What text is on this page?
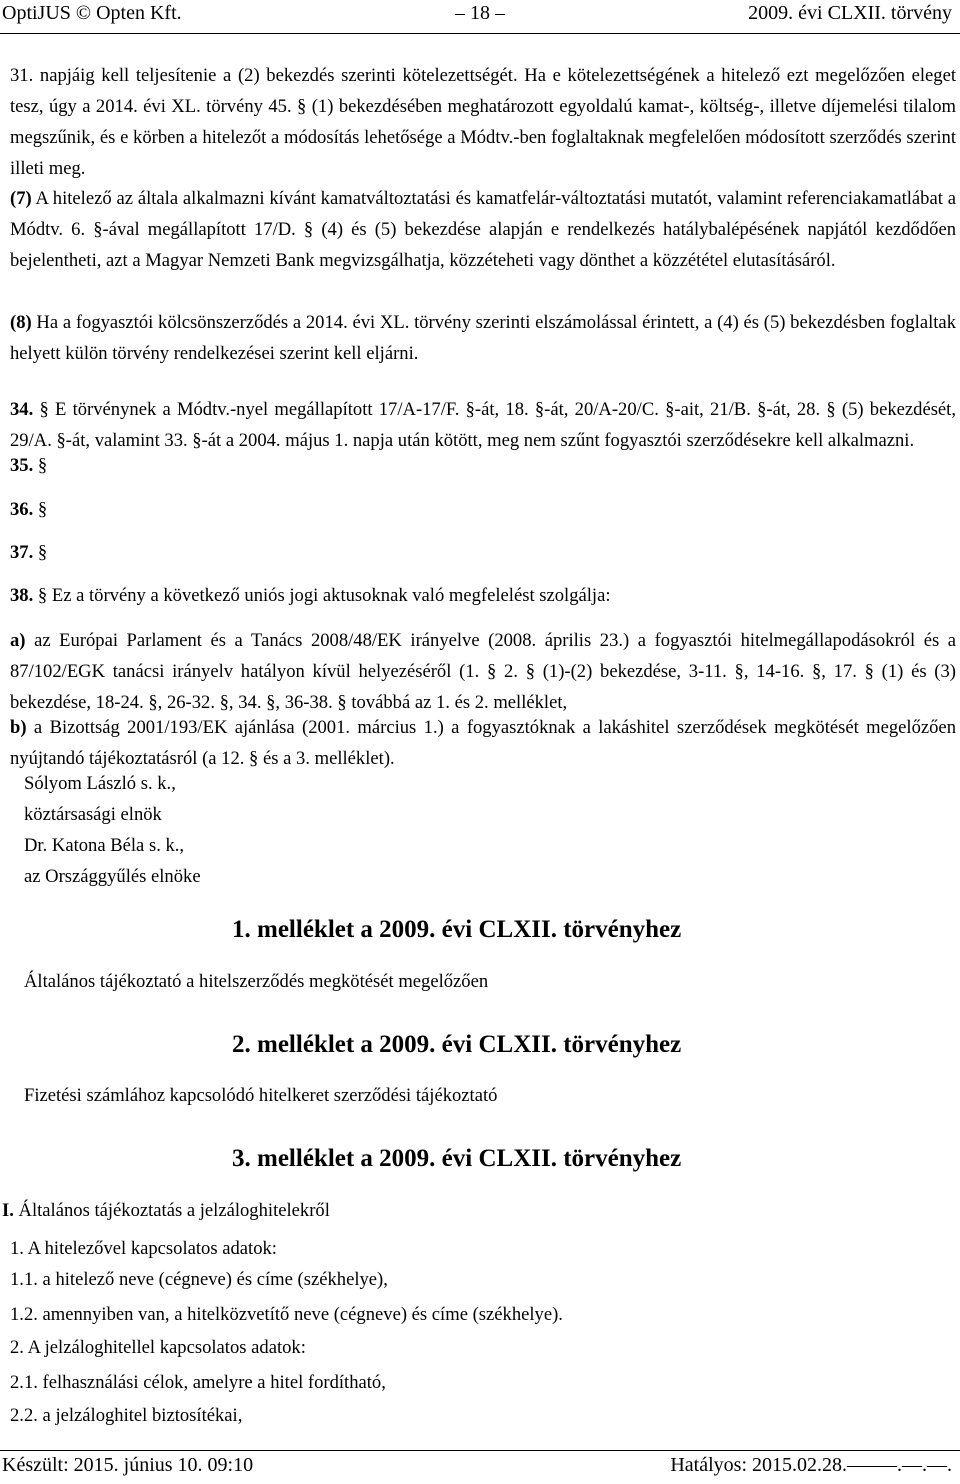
OptiJUS © Opten Kft.	– 18 –	2009. évi CLXII. törvény
31. napjáig kell teljesítenie a (2) bekezdés szerinti kötelezettségét. Ha e kötelezettségének a hitelező ezt megelőzően eleget tesz, úgy a 2014. évi XL. törvény 45. § (1) bekezdésében meghatározott egyoldalú kamat-, költség-, illetve díjemelési tilalom megszűnik, és e körben a hitelezőt a módosítás lehetősége a Módtv.-ben foglaltaknak megfelelően módosított szerződés szerint illeti meg.
(7) A hitelező az általa alkalmazni kívánt kamatváltoztatási és kamatfelár-változtatási mutatót, valamint referenciakamatlábat a Módtv. 6. §-ával megállapított 17/D. § (4) és (5) bekezdése alapján e rendelkezés hatálybalépésének napjától kezdődően bejelentheti, azt a Magyar Nemzeti Bank megvizsgálhatja, közzéteheti vagy dönthet a közzététel elutasításáról.
(8) Ha a fogyasztói kölcsönszerződés a 2014. évi XL. törvény szerinti elszámolással érintett, a (4) és (5) bekezdésben foglaltak helyett külön törvény rendelkezései szerint kell eljárni.
34. § E törvénynek a Módtv.-nyel megállapított 17/A-17/F. §-át, 18. §-át, 20/A-20/C. §-ait, 21/B. §-át, 28. § (5) bekezdését, 29/A. §-át, valamint 33. §-át a 2004. május 1. napja után kötött, meg nem szűnt fogyasztói szerződésekre kell alkalmazni.
35. §
36. §
37. §
38. § Ez a törvény a következő uniós jogi aktusoknak való megfelelést szolgálja:
a) az Európai Parlament és a Tanács 2008/48/EK irányelve (2008. április 23.) a fogyasztói hitelmegállapodásokról és a 87/102/EGK tanácsi irányelv hatályon kívül helyezéséről (1. § 2. § (1)-(2) bekezdése, 3-11. §, 14-16. §, 17. § (1) és (3) bekezdése, 18-24. §, 26-32. §, 34. §, 36-38. § továbbá az 1. és 2. melléklet,
b) a Bizottság 2001/193/EK ajánlása (2001. március 1.) a fogyasztóknak a lakáshitel szerződések megkötését megelőzően nyújtandó tájékoztatásról (a 12. § és a 3. melléklet).
Sólyom László s. k.,
köztársasági elnök
Dr. Katona Béla s. k.,
az Országgyűlés elnöke
1. melléklet a 2009. évi CLXII. törvényhez
Általános tájékoztató a hitelszerződés megkötését megelőzően
2. melléklet a 2009. évi CLXII. törvényhez
Fizetési számlához kapcsolódó hitelkeret szerződési tájékoztató
3. melléklet a 2009. évi CLXII. törvényhez
I. Általános tájékoztatás a jelzáloghitelekről
1. A hitelezővel kapcsolatos adatok:
1.1. a hitelező neve (cégneve) és címe (székhelye),
1.2. amennyiben van, a hitelközvetítő neve (cégneve) és címe (székhelye).
2. A jelzáloghitellel kapcsolatos adatok:
2.1. felhasználási célok, amelyre a hitel fordítható,
2.2. a jelzáloghitel biztosítékai,
Készült: 2015. június 10. 09:10	Hatályos: 2015.02.28.–––––.––.––.
